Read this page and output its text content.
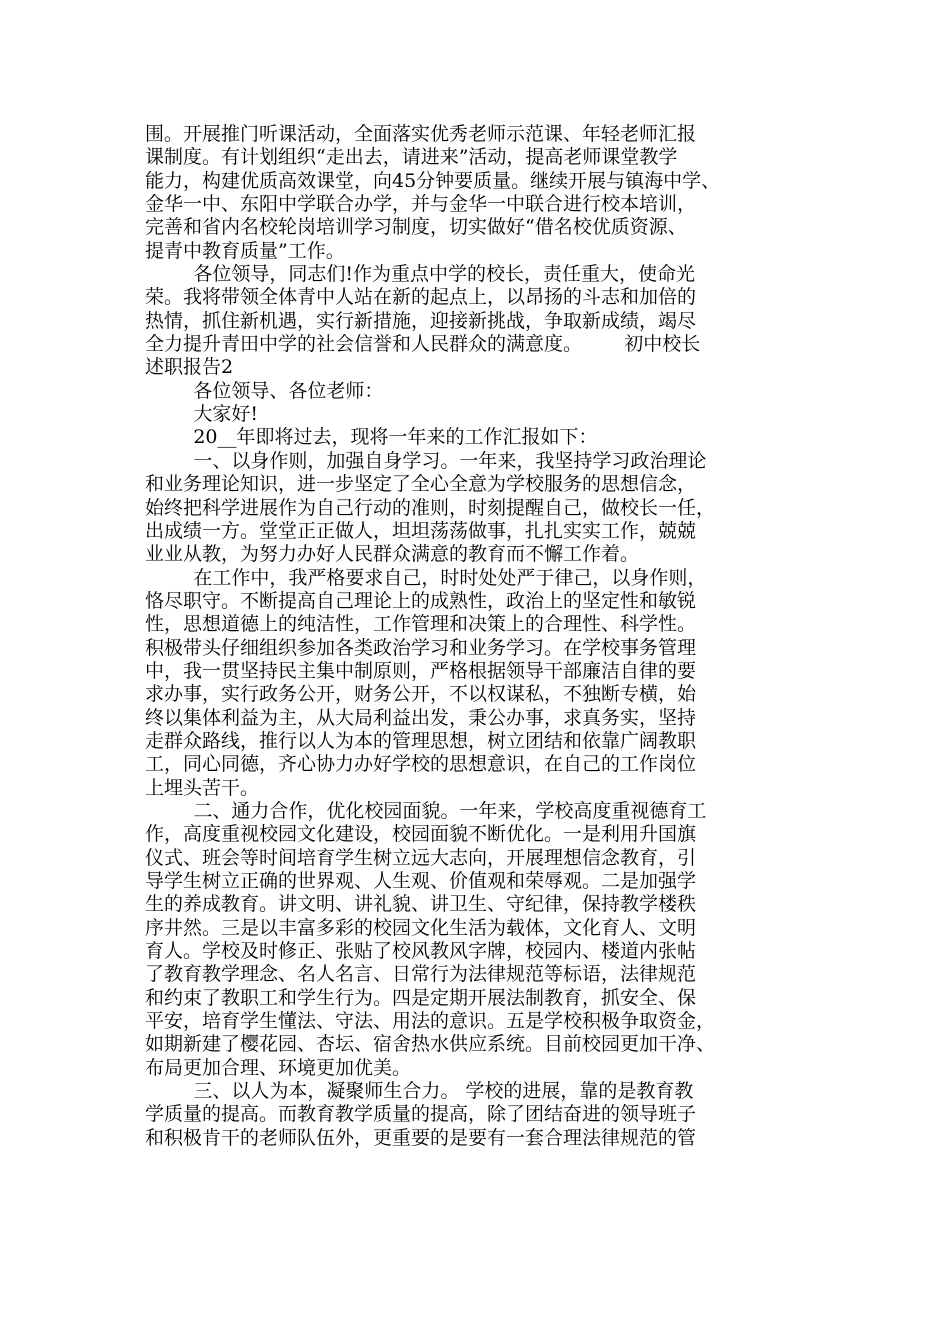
围。开展推门听课活动，全面落实优秀老师示范课、年轻老师汇报
课制度。有计划组织“走出去，请进来”活动，提高老师课堂教学
能力，构建优质高效课堂，向45分钟要质量。继续开展与镇海中学、
金华一中、东阳中学联合办学，并与金华一中联合进行校本培训，
完善和省内名校轮岗培训学习制度，切实做好“借名校优质资源、
提青中教育质量”工作。
各位领导，同志们!作为重点中学的校长，责任重大，使命光
荣。我将带领全体青中人站在新的起点上，以昂扬的斗志和加倍的
热情，抓住新机遇，实行新措施，迎接新挑战，争取新成绩，竭尽
全力提升青田中学的社会信誉和人民群众的满意度。       初中校长
述职报告2
各位领导、各位老师：
大家好!
20__年即将过去，现将一年来的工作汇报如下：
一、以身作则，加强自身学习。一年来，我坚持学习政治理论
和业务理论知识，进一步坚定了全心全意为学校服务的思想信念，
始终把科学进展作为自己行动的准则，时刻提醒自己，做校长一任，
出成绩一方。堂堂正正做人，坦坦荡荡做事，扎扎实实工作，兢兢
业业从教，为努力办好人民群众满意的教育而不懈工作着。
在工作中，我严格要求自己，时时处处严于律己，以身作则，
恪尽职守。不断提高自己理论上的成熟性，政治上的坚定性和敏锐
性，思想道德上的纯洁性，工作管理和决策上的合理性、科学性。
积极带头仔细组织参加各类政治学习和业务学习。在学校事务管理
中，我一贯坚持民主集中制原则，严格根据领导干部廉洁自律的要
求办事，实行政务公开，财务公开，不以权谋私，不独断专横，始
终以集体利益为主，从大局利益出发，秉公办事，求真务实，坚持
走群众路线，推行以人为本的管理思想，树立团结和依靠广阔教职
工，同心同德，齐心协力办好学校的思想意识，在自己的工作岗位
上埋头苦干。
二、通力合作，优化校园面貌。一年来，学校高度重视德育工
作，高度重视校园文化建设，校园面貌不断优化。一是利用升国旗
仪式、班会等时间培育学生树立远大志向，开展理想信念教育，引
导学生树立正确的世界观、人生观、价值观和荣辱观。二是加强学
生的养成教育。讲文明、讲礼貌、讲卫生、守纪律，保持教学楼秩
序井然。三是以丰富多彩的校园文化生活为载体，文化育人、文明
育人。学校及时修正、张贴了校风教风字牌，校园内、楼道内张帖
了教育教学理念、名人名言、日常行为法律规范等标语，法律规范
和约束了教职工和学生行为。四是定期开展法制教育，抓安全、保
平安，培育学生懂法、守法、用法的意识。五是学校积极争取资金，
如期新建了樱花园、杏坛、宿舍热水供应系统。目前校园更加干净、
布局更加合理、环境更加优美。
三、以人为本，凝聚师生合力。 学校的进展，靠的是教育教
学质量的提高。而教育教学质量的提高，除了团结奋进的领导班子
和积极肯干的老师队伍外，更重要的是要有一套合理法律规范的管
